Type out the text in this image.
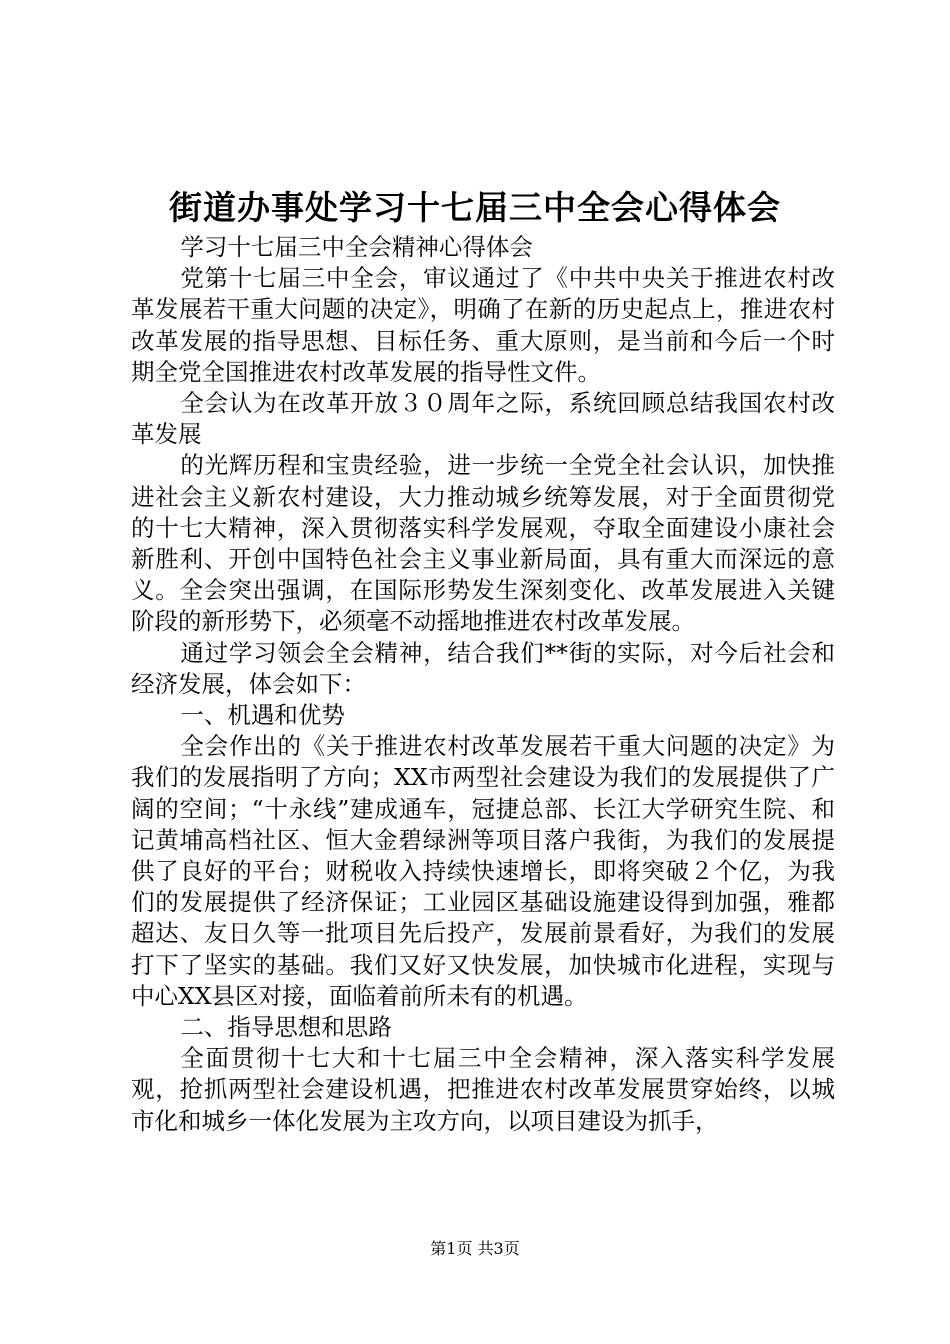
街道办事处学习十七届三中全会心得体会

学习十七届三中全会精神心得体会

党第十七届三中全会，审议通过了《中共中央关于推进农村改革发展若干重大问题的决定》，明确了在新的历史起点上，推进农村改革发展的指导思想、目标任务、重大原则，是当前和今后一个时期全党全国推进农村改革发展的指导性文件。

全会认为在改革开放３０周年之际，系统回顾总结我国农村改革发展

的光辉历程和宝贵经验，进一步统一全党全社会认识，加快推进社会主义新农村建设，大力推动城乡统筹发展，对于全面贯彻党的十七大精神，深入贯彻落实科学发展观，夺取全面建设小康社会新胜利、开创中国特色社会主义事业新局面，具有重大而深远的意义。全会突出强调，在国际形势发生深刻变化、改革发展进入关键阶段的新形势下，必须毫不动摇地推进农村改革发展。

通过学习领会全会精神，结合我们**街的实际，对今后社会和经济发展，体会如下：

一、机遇和优势

全会作出的《关于推进农村改革发展若干重大问题的决定》为我们的发展指明了方向；XX市两型社会建设为我们的发展提供了广阔的空间；“十永线”建成通车，冠捷总部、长江大学研究生院、和记黄埔高档社区、恒大金碧绿洲等项目落户我街，为我们的发展提供了良好的平台；财税收入持续快速增长，即将突破２个亿，为我们的发展提供了经济保证；工业园区基础设施建设得到加强，雅都超达、友日久等一批项目先后投产，发展前景看好，为我们的发展打下了坚实的基础。我们又好又快发展，加快城市化进程，实现与中心XX县区对接，面临着前所未有的机遇。

二、指导思想和思路

全面贯彻十七大和十七届三中全会精神，深入落实科学发展观，抢抓两型社会建设机遇，把推进农村改革发展贯穿始终，以城市化和城乡一体化发展为主攻方向，以项目建设为抓手，

第1页 共3页
